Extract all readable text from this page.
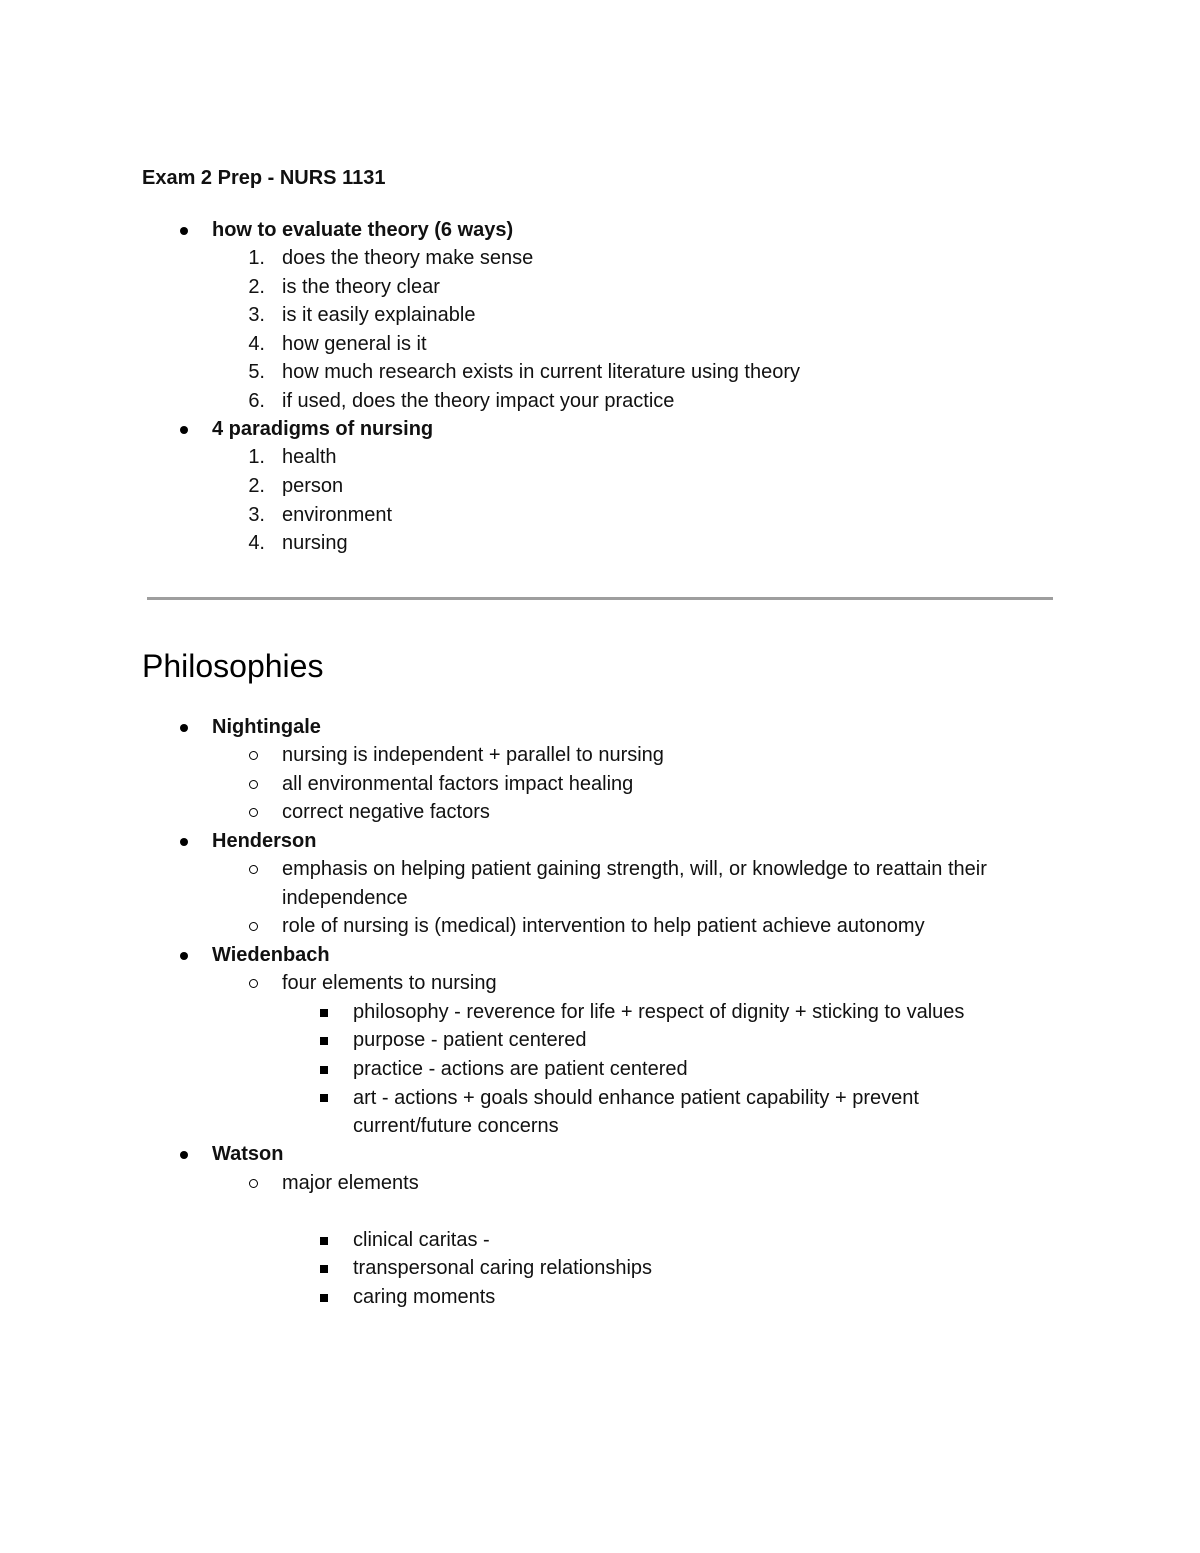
Exam 2 Prep - NURS 1131
how to evaluate theory (6 ways)
1. does the theory make sense
2. is the theory clear
3. is it easily explainable
4. how general is it
5. how much research exists in current literature using theory
6. if used, does the theory impact your practice
4 paradigms of nursing
1. health
2. person
3. environment
4. nursing
Philosophies
Nightingale
nursing is independent + parallel to nursing
all environmental factors impact healing
correct negative factors
Henderson
emphasis on helping patient gaining strength, will, or knowledge to reattain their
independence
role of nursing is (medical) intervention to help patient achieve autonomy
Wiedenbach
four elements to nursing
philosophy - reverence for life + respect of dignity + sticking to values
purpose - patient centered
practice - actions are patient centered
art - actions + goals should enhance patient capability + prevent
current/future concerns
Watson
major elements
clinical caritas -
transpersonal caring relationships
caring moments
